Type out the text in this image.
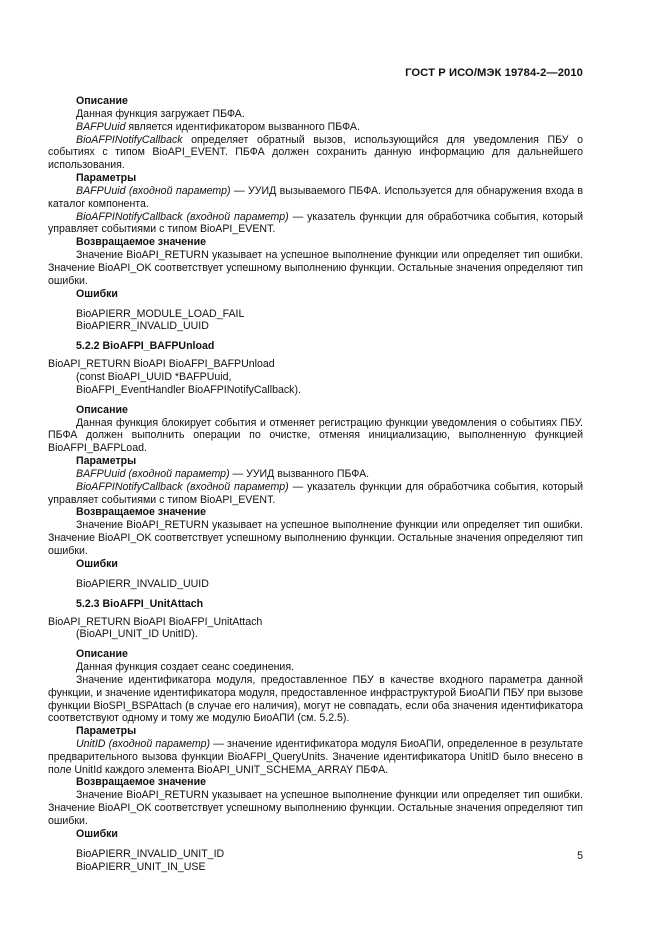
ГОСТ Р ИСО/МЭК 19784-2—2010

Описание

Данная функция загружает ПБФА.

BAFPUuid является идентификатором вызванного ПБФА.

BioAFPINotifyCallback определяет обратный вызов, использующийся для уведомления ПБУ о событиях с типом BioAPI_EVENT. ПБФА должен сохранить данную информацию для дальнейшего использования.

Параметры

BAFPUuid (входной параметр) — УУИД вызываемого ПБФА. Используется для обнаружения входа в каталог компонента.

BioAFPINotifyCallback (входной параметр) — указатель функции для обработчика события, который управляет событиями с типом BioAPI_EVENT.

Возвращаемое значение

Значение BioAPI_RETURN указывает на успешное выполнение функции или определяет тип ошибки. Значение BioAPI_OK соответствует успешному выполнению функции. Остальные значения определяют тип ошибки.

Ошибки

BioAPIERR_MODULE_LOAD_FAIL

BioAPIERR_INVALID_UUID

5.2.2 BioAFPI_BAFPUnload

BioAPI_RETURN BioAPI BioAFPI_BAFPUnload

(const BioAPI_UUID *BAFPUuid,

BioAFPI_EventHandler BioAFPINotifyCallback).

Описание

Данная функция блокирует события и отменяет регистрацию функции уведомления о событиях ПБУ. ПБФА должен выполнить операции по очистке, отменяя инициализацию, выполненную функцией BioAFPI_BAFPLoad.

Параметры

BAFPUuid (входной параметр) — УУИД вызванного ПБФА.

BioAFPINotifyCallback (входной параметр) — указатель функции для обработчика события, который управляет событиями с типом BioAPI_EVENT.

Возвращаемое значение

Значение BioAPI_RETURN указывает на успешное выполнение функции или определяет тип ошибки. Значение BioAPI_OK соответствует успешному выполнению функции. Остальные значения определяют тип ошибки.

Ошибки

BioAPIERR_INVALID_UUID

5.2.3 BioAFPI_UnitAttach

BioAPI_RETURN BioAPI BioAFPI_UnitAttach

(BioAPI_UNIT_ID UnitID).

Описание

Данная функция создает сеанс соединения.

Значение идентификатора модуля, предоставленное ПБУ в качестве входного параметра данной функции, и значение идентификатора модуля, предоставленное инфраструктурой БиоАПИ ПБУ при вызове функции BioSPI_BSPAttach (в случае его наличия), могут не совпадать, если оба значения идентификатора соответствуют одному и тому же модулю БиоАПИ (см. 5.2.5).

Параметры

UnitID (входной параметр) — значение идентификатора модуля БиоАПИ, определенное в результате предварительного вызова функции BioAFPI_QueryUnits. Значение идентификатора UnitID было внесено в поле UnitId каждого элемента BioAPI_UNIT_SCHEMA_ARRAY ПБФА.

Возвращаемое значение

Значение BioAPI_RETURN указывает на успешное выполнение функции или определяет тип ошибки. Значение BioAPI_OK соответствует успешному выполнению функции. Остальные значения определяют тип ошибки.

Ошибки

BioAPIERR_INVALID_UNIT_ID

BioAPIERR_UNIT_IN_USE

5
